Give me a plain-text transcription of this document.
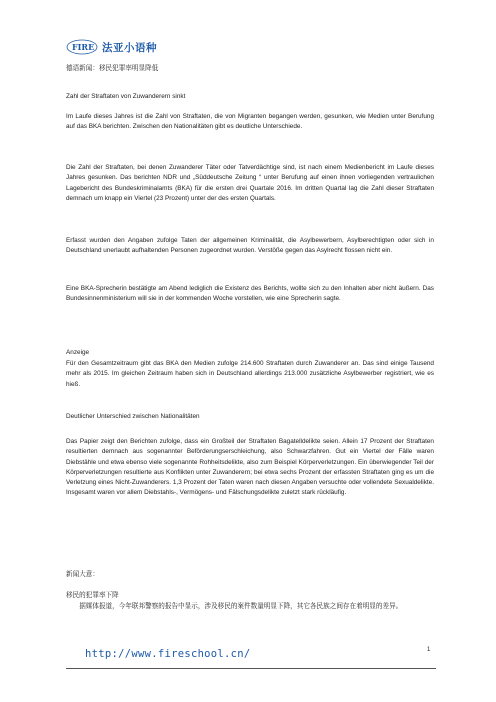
FIRE 法亚小语种
德语新闻：移民犯罪率明显降低
Zahl der Straftaten von Zuwanderern sinkt
Im Laufe dieses Jahres ist die Zahl von Straftaten, die von Migranten begangen werden, gesunken, wie Medien unter Berufung auf das BKA berichten. Zwischen den Nationalitäten gibt es deutliche Unterschiede.
Die Zahl der Straftaten, bei denen Zuwanderer Täter oder Tatverdächtige sind, ist nach einem Medienbericht im Laufe dieses Jahres gesunken. Das berichten NDR und „Süddeutsche Zeitung “ unter Berufung auf einen ihnen vorliegenden vertraulichen Lagebericht des Bundeskriminalamts (BKA) für die ersten drei Quartale 2016. Im dritten Quartal lag die Zahl dieser Straftaten demnach um knapp ein Viertel (23 Prozent) unter der des ersten Quartals.
Erfasst wurden den Angaben zufolge Taten der allgemeinen Kriminalität, die Asylbewerbern, Asylberechtigten oder sich in Deutschland unerlaubt aufhaltenden Personen zugeordnet wurden. Verstöße gegen das Asylrecht flossen nicht ein.
Eine BKA-Sprecherin bestätigte am Abend lediglich die Existenz des Berichts, wollte sich zu den Inhalten aber nicht äußern. Das Bundesinnenministerium will sie in der kommenden Woche vorstellen, wie eine Sprecherin sagte.
Anzeige
Für den Gesamtzeitraum gibt das BKA den Medien zufolge 214.600 Straftaten durch Zuwanderer an. Das sind einige Tausend mehr als 2015. Im gleichen Zeitraum haben sich in Deutschland allerdings 213.000 zusätzliche Asylbewerber registriert, wie es hieß.
Deutlicher Unterschied zwischen Nationalitäten
Das Papier zeigt den Berichten zufolge, dass ein Großteil der Straftaten Bagatelldelikte seien. Allein 17 Prozent der Straftaten resultierten demnach aus sogenannter Beförderungserschleichung, also Schwarzfahren. Gut ein Viertel der Fälle waren Diebstähle und etwa ebenso viele sogenannte Rohheitsdelikte, also zum Beispiel Körperverletzungen. Ein überwiegender Teil der Körperverletzungen resultierte aus Konflikten unter Zuwanderern; bei etwa sechs Prozent der erfassten Straftaten ging es um die Verletzung eines Nicht-Zuwanderers. 1,3 Prozent der Taten waren nach diesen Angaben versuchte oder vollendete Sexualdelikte. Insgesamt waren vor allem Diebstahls-, Vermögens- und Fälschungsdelikte zuletzt stark rückläufig.
新闻大意：
移民的犯罪率下降
据媒体报道，今年联邦警察的报告中显示，涉及移民的案件数量明显下降，其它各民族之间存在着明显的差异。
http://www.fireschool.cn/	1
